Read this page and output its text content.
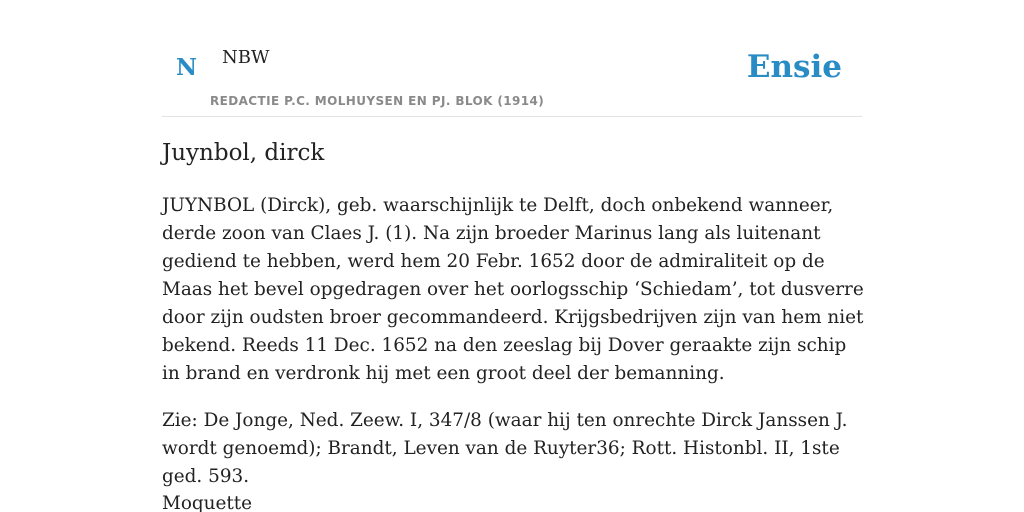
N NBW
REDACTIE P.C. MOLHUYSEN EN PJ. BLOK (1914)
Ensie
Juynbol, dirck

JUYNBOL (Dirck), geb. waarschijnlijk te Delft, doch onbekend wanneer, derde zoon van Claes J. (1). Na zijn broeder Marinus lang als luitenant gediend te hebben, werd hem 20 Febr. 1652 door de admiraliteit op de Maas het bevel opgedragen over het oorlogsschip ‘Schiedam’, tot dusverre door zijn oudsten broer gecommandeerd. Krijgsbedrijven zijn van hem niet bekend. Reeds 11 Dec. 1652 na den zeeslag bij Dover geraakte zijn schip in brand en verdronk hij met een groot deel der bemanning.

Zie: De Jonge, Ned. Zeew. I, 347/8 (waar hij ten onrechte Dirck Janssen J. wordt genoemd); Brandt, Leven van de Ruyter36; Rott. Histonbl. II, 1ste ged. 593.

Moquette
